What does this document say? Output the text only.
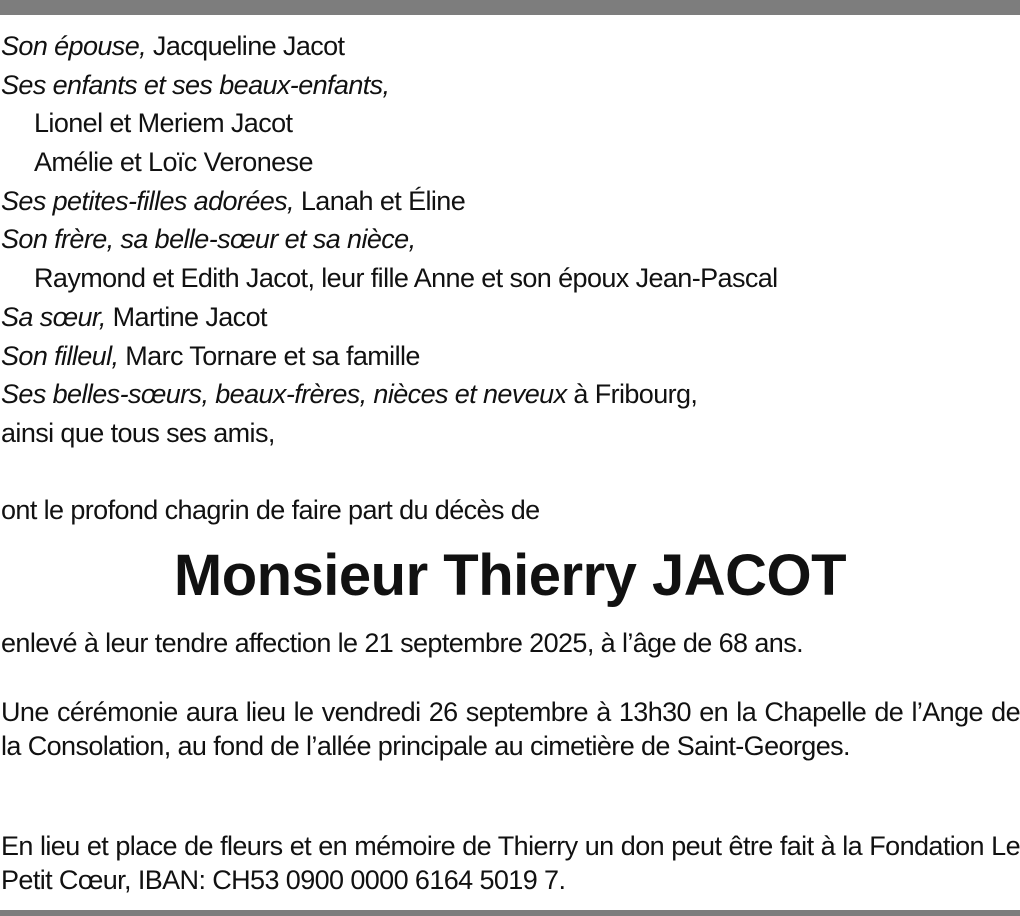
Son épouse, Jacqueline Jacot
Ses enfants et ses beaux-enfants,
Lionel et Meriem Jacot
Amélie et Loïc Veronese
Ses petites-filles adorées, Lanah et Éline
Son frère, sa belle-sœur et sa nièce,
Raymond et Edith Jacot, leur fille Anne et son époux Jean-Pascal
Sa sœur, Martine Jacot
Son filleul, Marc Tornare et sa famille
Ses belles-sœurs, beaux-frères, nièces et neveux à Fribourg,
ainsi que tous ses amis,
ont le profond chagrin de faire part du décès de
Monsieur Thierry JACOT
enlevé à leur tendre affection le 21 septembre 2025, à l’âge de 68 ans.
Une cérémonie aura lieu le vendredi 26 septembre à 13h30 en la Chapelle de l’Ange de la Consolation, au fond de l’allée principale au cimetière de Saint-Georges.
En lieu et place de fleurs et en mémoire de Thierry un don peut être fait à la Fondation Le Petit Cœur, IBAN: CH53 0900 0000 6164 5019 7.
